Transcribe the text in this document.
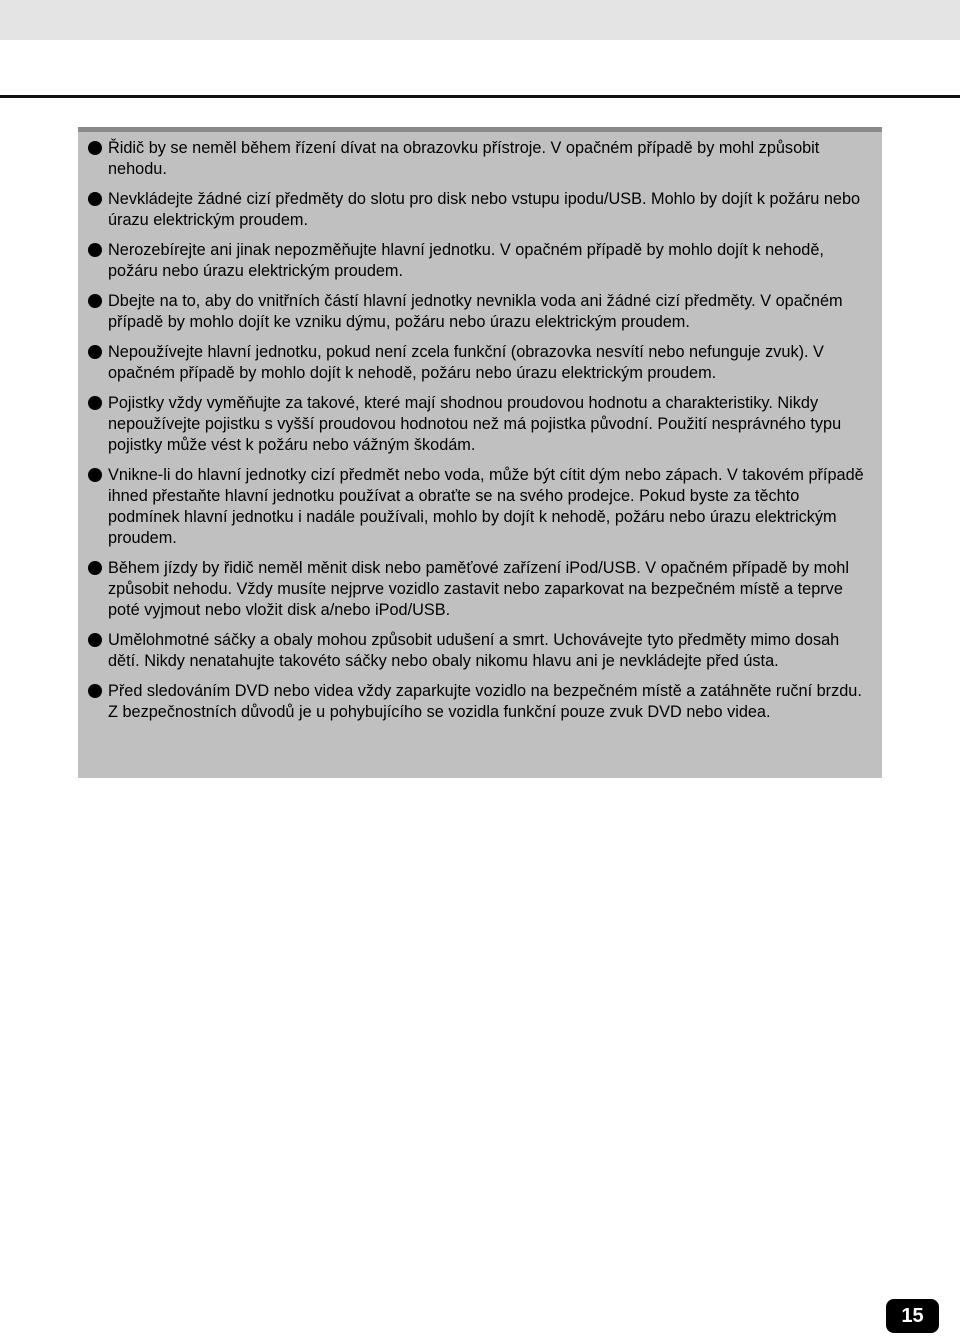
Řidič by se neměl během řízení dívat na obrazovku přístroje. V opačném případě by mohl způsobit nehodu.
Nevkládejte žádné cizí předměty do slotu pro disk nebo vstupu ipodu/USB. Mohlo by dojít k požáru nebo úrazu elektrickým proudem.
Nerozebírejte ani jinak nepozměňujte hlavní jednotku. V opačném případě by mohlo dojít k nehodě, požáru nebo úrazu elektrickým proudem.
Dbejte na to, aby do vnitřních částí hlavní jednotky nevnikla voda ani žádné cizí předměty. V opačném případě by mohlo dojít ke vzniku dýmu, požáru nebo úrazu elektrickým proudem.
Nepoužívejte hlavní jednotku, pokud není zcela funkční (obrazovka nesvítí nebo nefunguje zvuk). V opačném případě by mohlo dojít k nehodě, požáru nebo úrazu elektrickým proudem.
Pojistky vždy vyměňujte za takové, které mají shodnou proudovou hodnotu a charakteristiky. Nikdy nepoužívejte pojistku s vyšší proudovou hodnotou než má pojistka původní. Použití nesprávného typu pojistky může vést k požáru nebo vážným škodám.
Vnikne-li do hlavní jednotky cizí předmět nebo voda, může být cítit dým nebo zápach. V takovém případě ihned přestaňte hlavní jednotku používat a obraťte se na svého prodejce. Pokud byste za těchto podmínek hlavní jednotku i nadále používali, mohlo by dojít k nehodě, požáru nebo úrazu elektrickým proudem.
Během jízdy by řidič neměl měnit disk nebo paměťové zařízení iPod/USB. V opačném případě by mohl způsobit nehodu. Vždy musíte nejprve vozidlo zastavit nebo zaparkovat na bezpečném místě a teprve poté vyjmout nebo vložit disk a/nebo iPod/USB.
Umělohmotné sáčky a obaly mohou způsobit udušení a smrt. Uchovávejte tyto předměty mimo dosah dětí. Nikdy nenatahujte takovéto sáčky nebo obaly nikomu hlavu ani je nevkládejte před ústa.
Před sledováním DVD nebo videa vždy zaparkujte vozidlo na bezpečném místě a zatáhněte ruční brzdu. Z bezpečnostních důvodů je u pohybujícího se vozidla funkční pouze zvuk DVD nebo videa.
15
